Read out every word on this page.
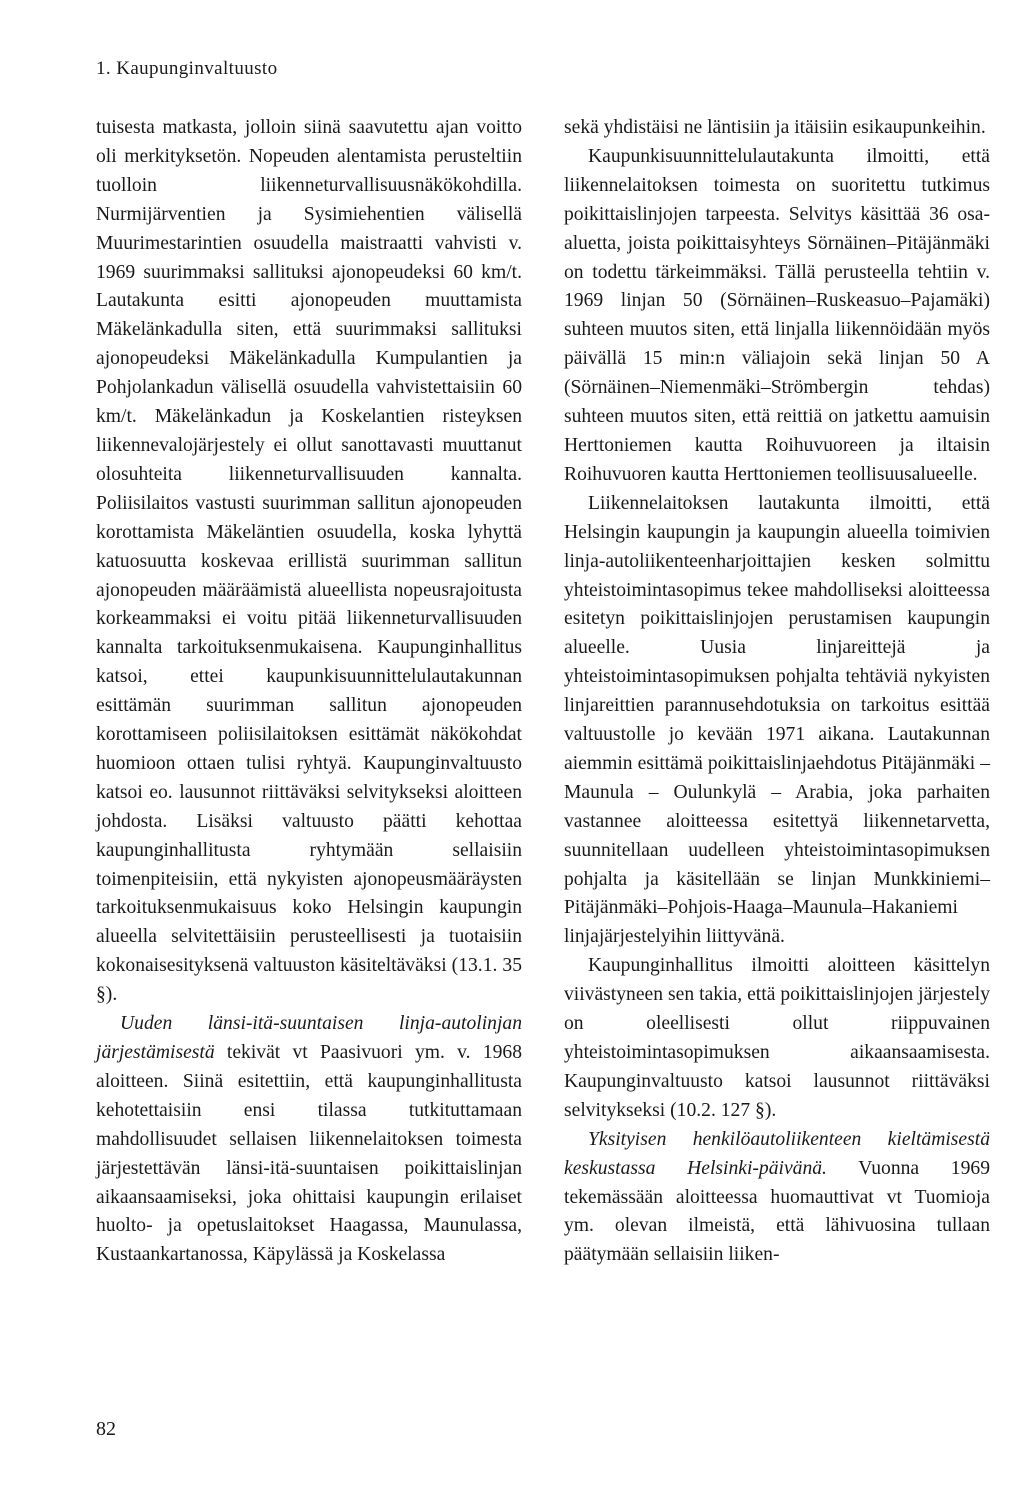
1. Kaupunginvaltuusto

tuisesta matkasta, jolloin siinä saavutettu ajan voitto oli merkityksetön. Nopeuden alentamista perusteltiin tuolloin liikenneturvallisuusnäkökohdilla. Nurmijärventien ja Sysimiehentien välisellä Muurimestarintien osuudella maistraatti vahvisti v. 1969 suurimmaksi sallituksi ajonopeudeksi 60 km/t. Lautakunta esitti ajonopeuden muuttamista Mäkelänkadulla siten, että suurimmaksi sallituksi ajonopeudeksi Mäkelänkadulla Kumpulantien ja Pohjolankadun välisellä osuudella vahvistettaisiin 60 km/t. Mäkelänkadun ja Koskelantien risteyksen liikennevalojärjestely ei ollut sanottavasti muuttanut olosuhteita liikenneturvallisuuden kannalta. Poliisilaitos vastusti suurimman sallitun ajonopeuden korottamista Mäkeläntien osuudella, koska lyhyttä katuosuutta koskevaa erillistä suurimman sallitun ajonopeuden määräämistä alueellista nopeusrajoitusta korkeammaksi ei voitu pitää liikenneturvallisuuden kannalta tarkoituksenmukaisena. Kaupunginhallitus katsoi, ettei kaupunkisuunnittelulautakunnan esittämän suurimman sallitun ajonopeuden korottamiseen poliisilaitoksen esittämät näkökohdat huomioon ottaen tulisi ryhtyä. Kaupunginvaltuusto katsoi eo. lausunnot riittäväksi selvitykseksi aloitteen johdosta. Lisäksi valtuusto päätti kehottaa kaupunginhallitusta ryhtymään sellaisiin toimenpiteisiin, että nykyisten ajonopeusmääräysten tarkoituksenmukaisuus koko Helsingin kaupungin alueella selvitettäisiin perusteellisesti ja tuotaisiin kokonaisesityksenä valtuuston käsiteltäväksi (13.1. 35 §).

Uuden länsi-itä-suuntaisen linja-autolinjan järjestämisestä tekivät vt Paasivuori ym. v. 1968 aloitteen. Siinä esitettiin, että kaupunginhallitusta kehotettaisiin ensi tilassa tutkituttamaan mahdollisuudet sellaisen liikennelaitoksen toimesta järjestettävän länsi-itä-suuntaisen poikittaislinjan aikaansaamiseksi, joka ohittaisi kaupungin erilaiset huolto- ja opetuslaitokset Haagassa, Maunulassa, Kustaankartanossa, Käpylässä ja Koskelassa

sekä yhdistäisi ne läntisiin ja itäisiin esikaupunkeihin.

Kaupunkisuunnittelulautakunta ilmoitti, että liikennelaitoksen toimesta on suoritettu tutkimus poikittaislinjojen tarpeesta. Selvitys käsittää 36 osa-aluetta, joista poikittaisyhteys Sörnäinen–Pitäjänmäki on todettu tärkeimmäksi. Tällä perusteella tehtiin v. 1969 linjan 50 (Sörnäinen–Ruskeasuo–Pajamäki) suhteen muutos siten, että linjalla liikennöidään myös päivällä 15 min:n väliajoin sekä linjan 50 A (Sörnäinen–Niemenmäki–Strömbergin tehdas) suhteen muutos siten, että reittiä on jatkettu aamuisin Herttoniemen kautta Roihuvuoreen ja iltaisin Roihuvuoren kautta Herttoniemen teollisuusalueelle.

Liikennelaitoksen lautakunta ilmoitti, että Helsingin kaupungin ja kaupungin alueella toimivien linja-autoliikenteenharjoittajien kesken solmittu yhteistoimintasopimus tekee mahdolliseksi aloitteessa esitetyn poikittaislinjojen perustamisen kaupungin alueelle. Uusia linjareittejä ja yhteistoimintasopimuksen pohjalta tehtäviä nykyisten linjareittien parannusehdotuksia on tarkoitus esittää valtuustolle jo kevään 1971 aikana. Lautakunnan aiemmin esittämä poikittaislinjaehdotus Pitäjänmäki – Maunula – Oulunkylä – Arabia, joka parhaiten vastannee aloitteessa esitettyä liikennetarvetta, suunnitellaan uudelleen yhteistoimintasopimuksen pohjalta ja käsitellään se linjan Munkkiniemi–Pitäjänmäki–Pohjois-Haaga–Maunula–Hakaniemi linjajärjestelyihin liittyvänä.

Kaupunginhallitus ilmoitti aloitteen käsittelyn viivästyneen sen takia, että poikittaislinjojen järjestely on oleellisesti ollut riippuvainen yhteistoimintasopimuksen aikaansaamisesta. Kaupunginvaltuusto katsoi lausunnot riittäväksi selvitykseksi (10.2. 127 §).

Yksityisen henkilöautoliikenteen kieltämisestä keskustassa Helsinki-päivänä. Vuonna 1969 tekemässään aloitteessa huomauttivat vt Tuomioja ym. olevan ilmeistä, että lähivuosina tullaan päätymään sellaisiin liiken-

82
